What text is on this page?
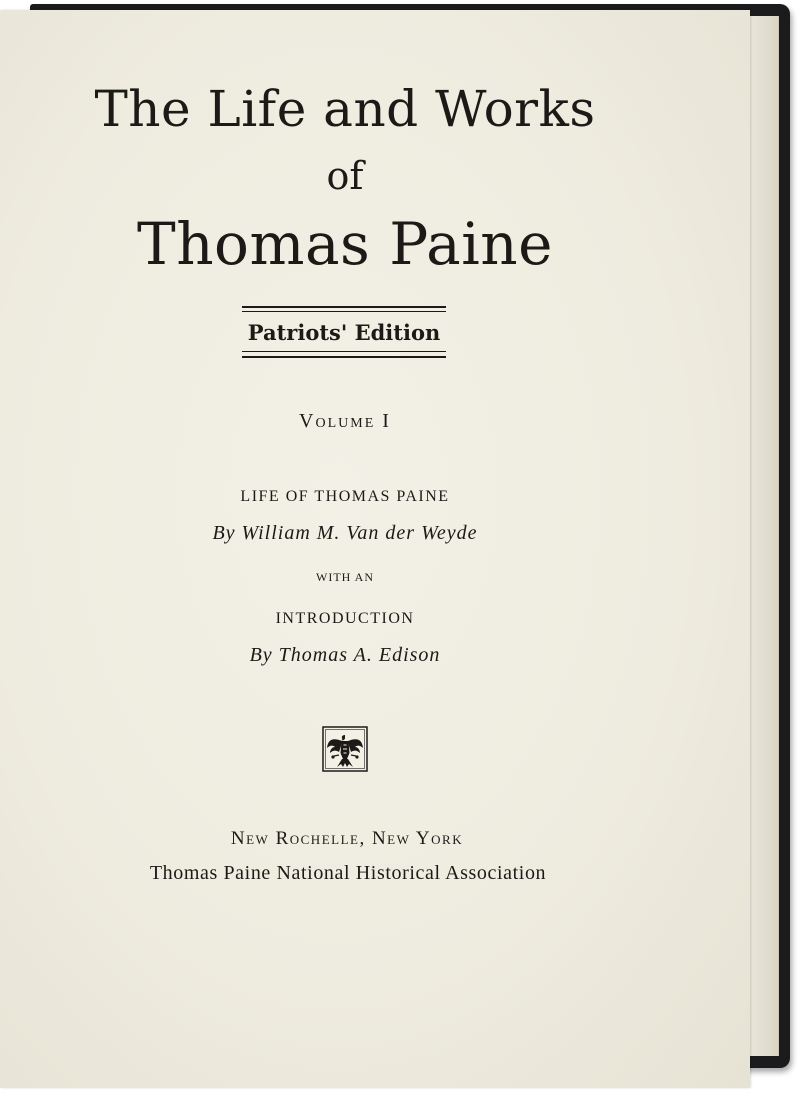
The Life and Works
of
Thomas Paine
Patriots' Edition
Volume I
LIFE OF THOMAS PAINE
By William M. Van der Weyde
WITH AN
INTRODUCTION
By Thomas A. Edison
New Rochelle, New York
Thomas Paine National Historical Association
